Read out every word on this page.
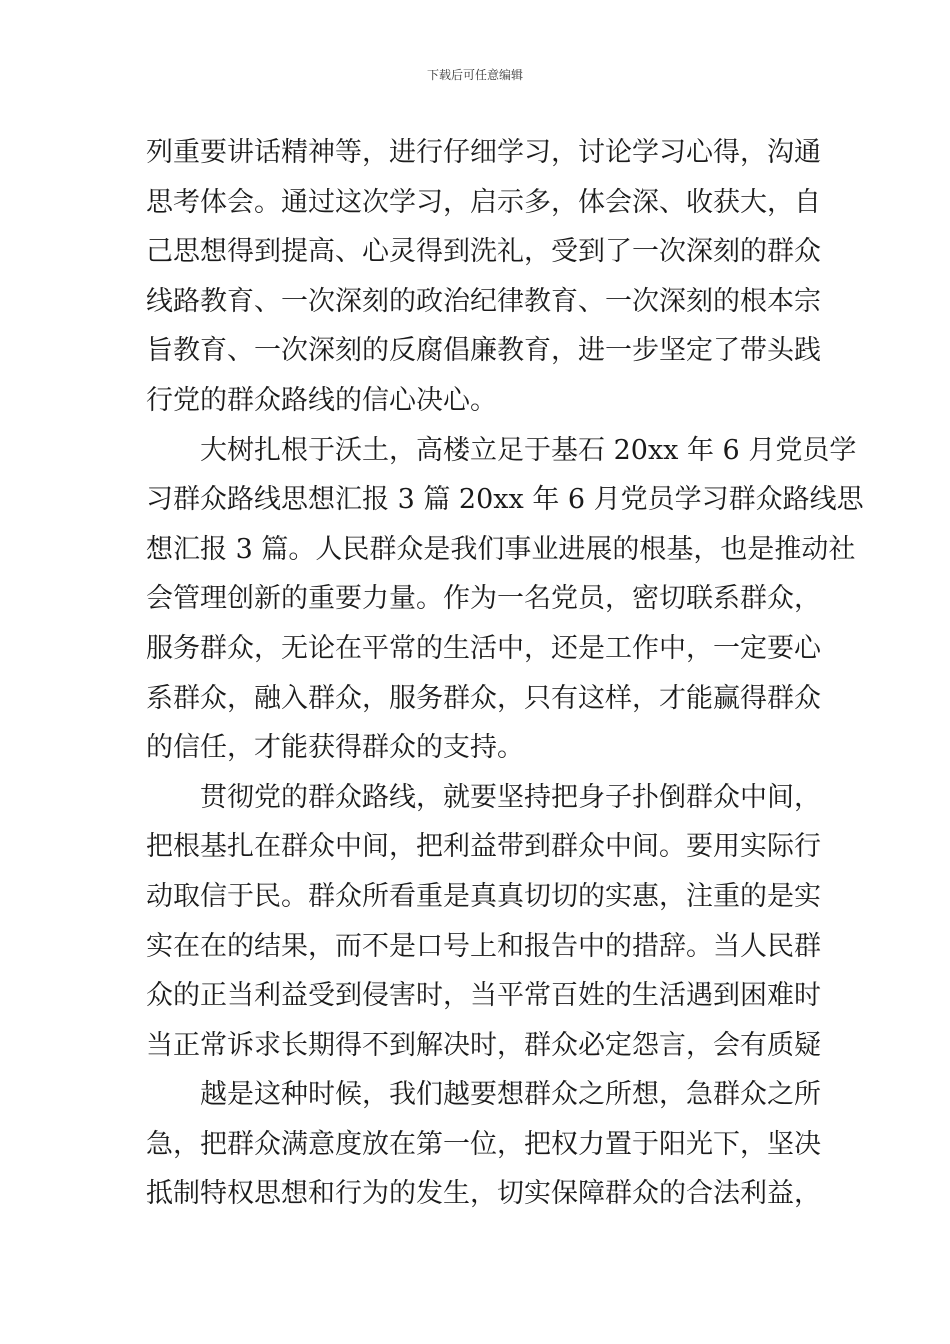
下载后可任意编辑
列重要讲话精神等，进行仔细学习，讨论学习心得，沟通
思考体会。通过这次学习，启示多，体会深、收获大，自
己思想得到提高、心灵得到洗礼，受到了一次深刻的群众
线路教育、一次深刻的政治纪律教育、一次深刻的根本宗
旨教育、一次深刻的反腐倡廉教育，进一步坚定了带头践
行党的群众路线的信心决心。
大树扎根于沃土，高楼立足于基石 20xx 年 6 月党员学
习群众路线思想汇报 3 篇 20xx 年 6 月党员学习群众路线思
想汇报 3 篇。人民群众是我们事业进展的根基，也是推动社
会管理创新的重要力量。作为一名党员，密切联系群众，
服务群众，无论在平常的生活中，还是工作中，一定要心
系群众，融入群众，服务群众，只有这样，才能赢得群众
的信任，才能获得群众的支持。
贯彻党的群众路线，就要坚持把身子扑倒群众中间，
把根基扎在群众中间，把利益带到群众中间。要用实际行
动取信于民。群众所看重是真真切切的实惠，注重的是实
实在在的结果，而不是口号上和报告中的措辞。当人民群
众的正当利益受到侵害时，当平常百姓的生活遇到困难时
当正常诉求长期得不到解决时，群众必定怨言，会有质疑
越是这种时候，我们越要想群众之所想，急群众之所
急，把群众满意度放在第一位，把权力置于阳光下，坚决
抵制特权思想和行为的发生，切实保障群众的合法利益，
